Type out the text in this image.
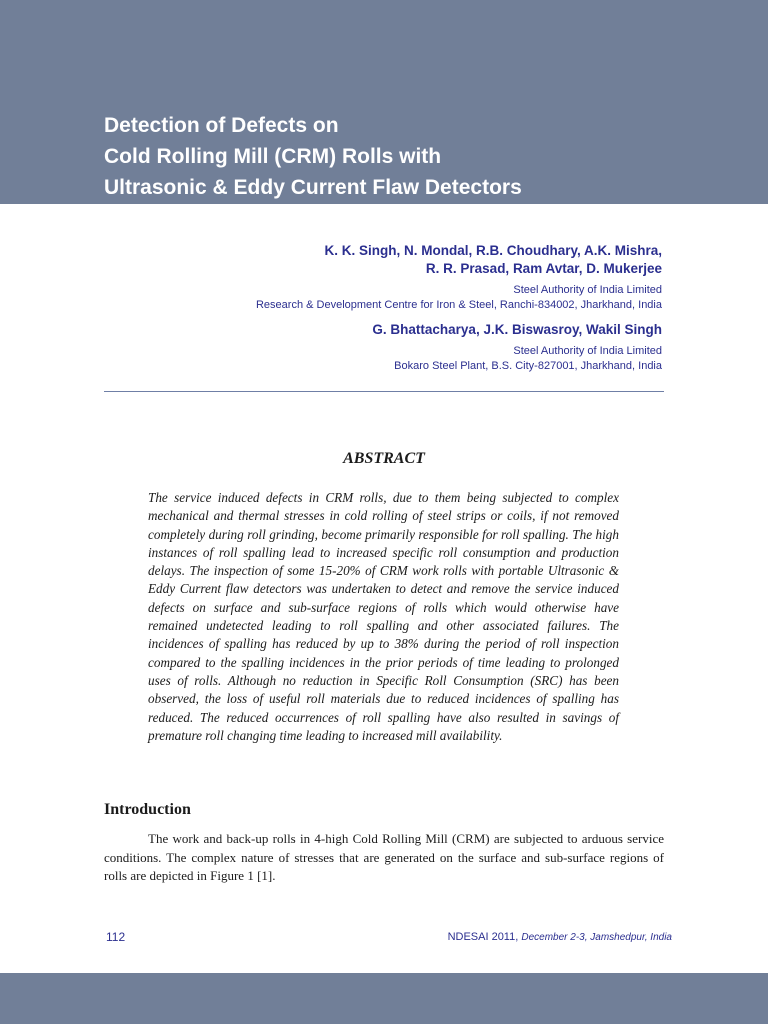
Detection of Defects on
Cold Rolling Mill (CRM) Rolls with
Ultrasonic & Eddy Current Flaw Detectors
K. K. Singh, N. Mondal, R.B. Choudhary, A.K. Mishra,
R. R. Prasad, Ram Avtar, D. Mukerjee
Steel Authority of India Limited
Research & Development Centre for Iron & Steel, Ranchi-834002, Jharkhand, India
G. Bhattacharya, J.K. Biswasroy, Wakil Singh
Steel Authority of India Limited
Bokaro Steel Plant, B.S. City-827001, Jharkhand, India
ABSTRACT
The service induced defects in CRM rolls, due to them being subjected to complex mechanical and thermal stresses in cold rolling of steel strips or coils, if not removed completely during roll grinding, become primarily responsible for roll spalling. The high instances of roll spalling lead to increased specific roll consumption and production delays. The inspection of some 15-20% of CRM work rolls with portable Ultrasonic & Eddy Current flaw detectors was undertaken to detect and remove the service induced defects on surface and sub-surface regions of rolls which would otherwise have remained undetected leading to roll spalling and other associated failures. The incidences of spalling has reduced by up to 38% during the period of roll inspection compared to the spalling incidences in the prior periods of time leading to prolonged uses of rolls. Although no reduction in Specific Roll Consumption (SRC) has been observed, the loss of useful roll materials due to reduced incidences of spalling has reduced. The reduced occurrences of roll spalling have also resulted in savings of premature roll changing time leading to increased mill availability.
Introduction
The work and back-up rolls in 4-high Cold Rolling Mill (CRM) are subjected to arduous service conditions. The complex nature of stresses that are generated on the surface and sub-surface regions of rolls are depicted in Figure 1 [1].
112	NDESAI 2011, December 2-3, Jamshedpur, India
